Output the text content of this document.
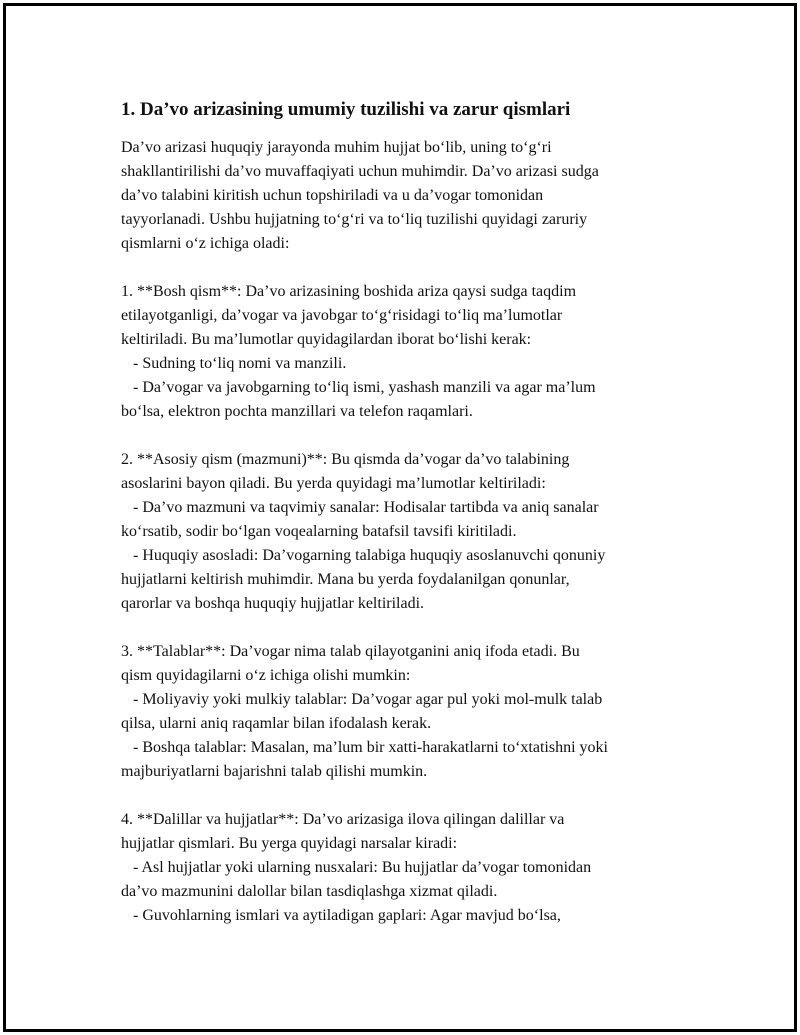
1. Da’vo arizasining umumiy tuzilishi va zarur qismlari

Da’vo arizasi huquqiy jarayonda muhim hujjat bo‘lib, uning to‘g‘ri
shakllantirilishi da’vo muvaffaqiyati uchun muhimdir. Da’vo arizasi sudga
da’vo talabini kiritish uchun topshiriladi va u da’vogar tomonidan
tayyorlanadi. Ushbu hujjatning to‘g‘ri va to‘liq tuzilishi quyidagi zaruriy
qismlarni o‘z ichiga oladi:

1. **Bosh qism**: Da’vo arizasining boshida ariza qaysi sudga taqdim
etilayotganligi, da’vogar va javobgar to‘g‘risidagi to‘liq ma’lumotlar
keltiriladi. Bu ma’lumotlar quyidagilardan iborat bo‘lishi kerak:
- Sudning to‘liq nomi va manzili.
- Da’vogar va javobgarning to‘liq ismi, yashash manzili va agar ma’lum
bo‘lsa, elektron pochta manzillari va telefon raqamlari.

2. **Asosiy qism (mazmuni)**: Bu qismda da’vogar da’vo talabining
asoslarini bayon qiladi. Bu yerda quyidagi ma’lumotlar keltiriladi:
- Da’vo mazmuni va taqvimiy sanalar: Hodisalar tartibda va aniq sanalar
ko‘rsatib, sodir bo‘lgan voqealarning batafsil tavsifi kiritiladi.
- Huquqiy asosladi: Da’vogarning talabiga huquqiy asoslanuvchi qonuniy
hujjatlarni keltirish muhimdir. Mana bu yerda foydalanilgan qonunlar,
qarorlar va boshqa huquqiy hujjatlar keltiriladi.

3. **Talablar**: Da’vogar nima talab qilayotganini aniq ifoda etadi. Bu
qism quyidagilarni o‘z ichiga olishi mumkin:
- Moliyaviy yoki mulkiy talablar: Da’vogar agar pul yoki mol-mulk talab
qilsa, ularni aniq raqamlar bilan ifodalash kerak.
- Boshqa talablar: Masalan, ma’lum bir xatti-harakatlarni to‘xtatishni yoki
majburiyatlarni bajarishni talab qilishi mumkin.

4. **Dalillar va hujjatlar**: Da’vo arizasiga ilova qilingan dalillar va
hujjatlar qismlari. Bu yerga quyidagi narsalar kiradi:
- Asl hujjatlar yoki ularning nusxalari: Bu hujjatlar da’vogar tomonidan
da’vo mazmunini dalollar bilan tasdiqlashga xizmat qiladi.
- Guvohlarning ismlari va aytiladigan gaplari: Agar mavjud bo‘lsa,
